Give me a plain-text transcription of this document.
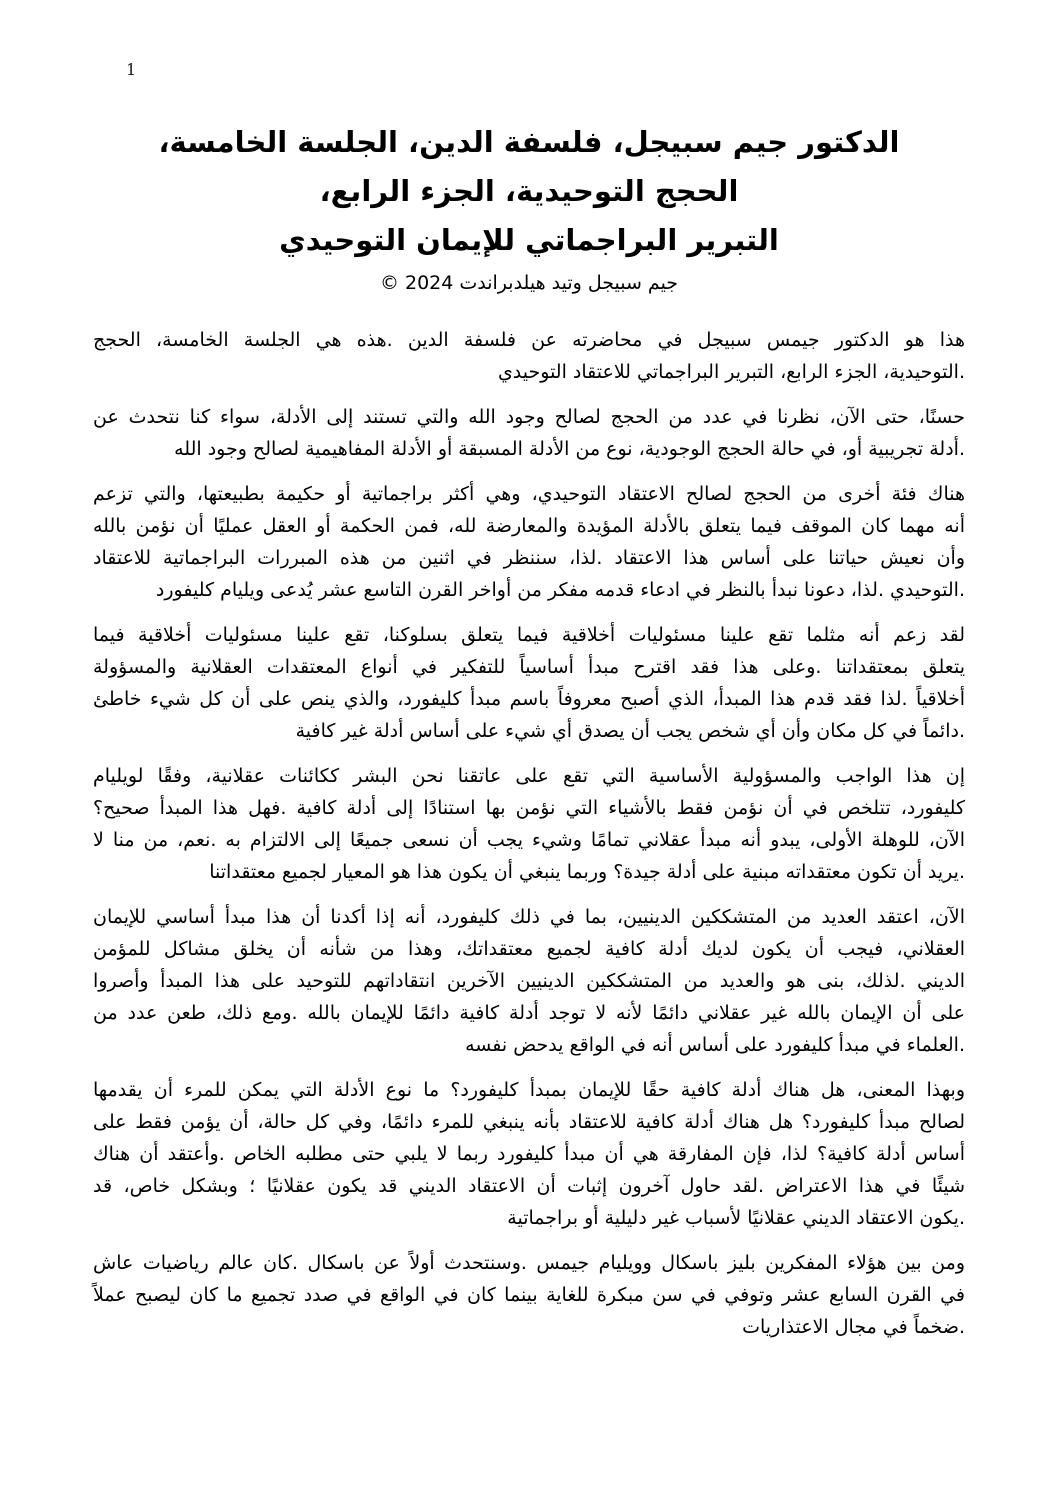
1
الدكتور جيم سبيجل، فلسفة الدين، الجلسة الخامسة،
الحجج التوحيدية، الجزء الرابع،
التبرير البراجماتي للإيمان التوحيدي
جيم سبيجل وتيد هيلدبراندت 2024 ©
هذا هو الدكتور جيمس سبيجل في محاضرته عن فلسفة الدين .هذه هي الجلسة الخامسة، الحجج
.التوحيدية، الجزء الرابع، التبرير البراجماتي للاعتقاد التوحيدي
حسنًا، حتى الآن، نظرنا في عدد من الحجج لصالح وجود الله والتي تستند إلى الأدلة، سواء كنا نتحدث عن
.أدلة تجريبية أو، في حالة الحجج الوجودية، نوع من الأدلة المسبقة أو الأدلة المفاهيمية لصالح وجود الله
هناك فئة أخرى من الحجج لصالح الاعتقاد التوحيدي، وهي أكثر براجماتية أو حكيمة بطبيعتها، والتي تزعم
أنه مهما كان الموقف فيما يتعلق بالأدلة المؤيدة والمعارضة لله، فمن الحكمة أو العقل عمليًا أن نؤمن بالله
وأن نعيش حياتنا على أساس هذا الاعتقاد .لذا، سننظر في اثنين من هذه المبررات البراجماتية للاعتقاد
.التوحيدي .لذا، دعونا نبدأ بالنظر في ادعاء قدمه مفكر من أواخر القرن التاسع عشر يُدعى ويليام كليفورد
لقد زعم أنه مثلما تقع علينا مسئوليات أخلاقية فيما يتعلق بسلوكنا، تقع علينا مسئوليات أخلاقية فيما
يتعلق بمعتقداتنا .وعلى هذا فقد اقترح مبدأ أساسياً للتفكير في أنواع المعتقدات العقلانية والمسؤولة
أخلاقياً .لذا فقد قدم هذا المبدأ، الذي أصبح معروفاً باسم مبدأ كليفورد، والذي ينص على أن كل شيء خاطئ
.دائماً في كل مكان وأن أي شخص يجب أن يصدق أي شيء على أساس أدلة غير كافية
إن هذا الواجب والمسؤولية الأساسية التي تقع على عاتقنا نحن البشر ككائنات عقلانية، وفقًا لويليام
كليفورد، تتلخص في أن نؤمن فقط بالأشياء التي نؤمن بها استنادًا إلى أدلة كافية .فهل هذا المبدأ صحيح؟
الآن، للوهلة الأولى، يبدو أنه مبدأ عقلاني تمامًا وشيء يجب أن نسعى جميعًا إلى الالتزام به .نعم، من منا لا
.يريد أن تكون معتقداته مبنية على أدلة جيدة؟ وربما ينبغي أن يكون هذا هو المعيار لجميع معتقداتنا
الآن، اعتقد العديد من المتشككين الدينيين، بما في ذلك كليفورد، أنه إذا أكدنا أن هذا مبدأ أساسي للإيمان
العقلاني، فيجب أن يكون لديك أدلة كافية لجميع معتقداتك، وهذا من شأنه أن يخلق مشاكل للمؤمن
الديني .لذلك، بنى هو والعديد من المتشككين الدينيين الآخرين انتقاداتهم للتوحيد على هذا المبدأ وأصروا
على أن الإيمان بالله غير عقلاني دائمًا لأنه لا توجد أدلة كافية دائمًا للإيمان بالله .ومع ذلك، طعن عدد من
.العلماء في مبدأ كليفورد على أساس أنه في الواقع يدحض نفسه
وبهذا المعنى، هل هناك أدلة كافية حقًا للإيمان بمبدأ كليفورد؟ ما نوع الأدلة التي يمكن للمرء أن يقدمها
لصالح مبدأ كليفورد؟ هل هناك أدلة كافية للاعتقاد بأنه ينبغي للمرء دائمًا، وفي كل حالة، أن يؤمن فقط على
أساس أدلة كافية؟ لذا، فإن المفارقة هي أن مبدأ كليفورد ربما لا يلبي حتى مطلبه الخاص .وأعتقد أن هناك
شيئًا في هذا الاعتراض .لقد حاول آخرون إثبات أن الاعتقاد الديني قد يكون عقلانيًا ؛ وبشكل خاص، قد
.يكون الاعتقاد الديني عقلانيًا لأسباب غير دليلية أو براجماتية
ومن بين هؤلاء المفكرين بليز باسكال وويليام جيمس .وسنتحدث أولاً عن باسكال .كان عالم رياضيات عاش
في القرن السابع عشر وتوفي في سن مبكرة للغاية بينما كان في الواقع في صدد تجميع ما كان ليصبح عملاً
.ضخماً في مجال الاعتذاريات
